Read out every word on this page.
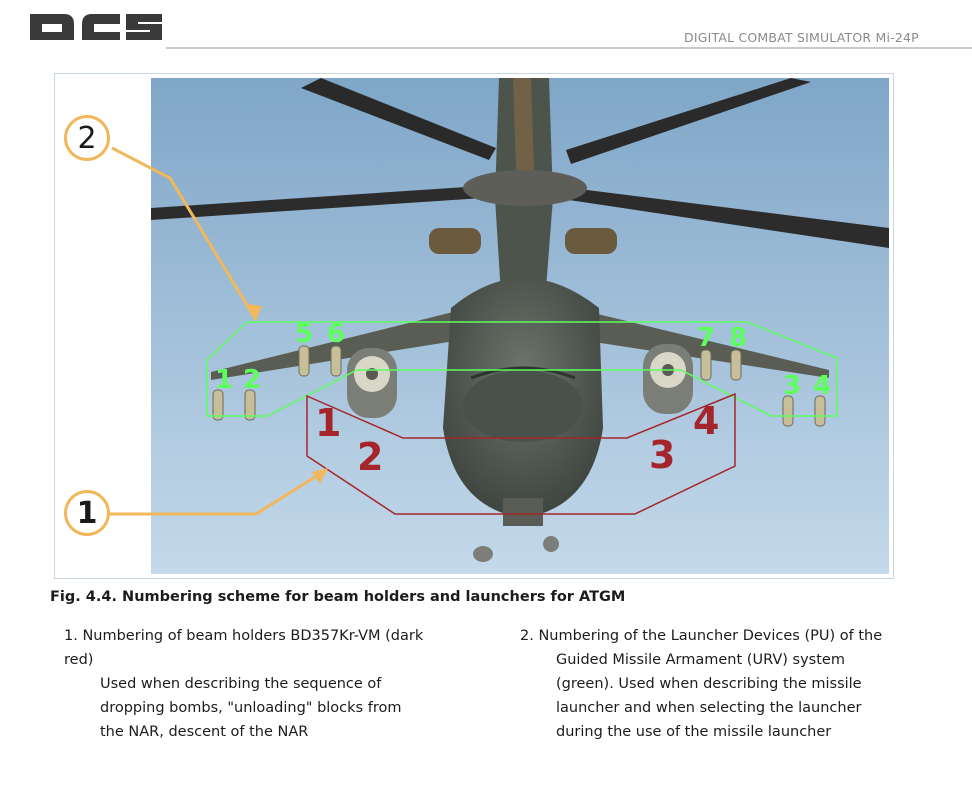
DIGITAL COMBAT SIMULATOR Mi-24P
1 2
5 6	7 8
3 4
1
2	3
4
2
1
Fig. 4.4. Numbering scheme for beam holders and launchers for ATGM
1. Numbering of beam holders BD357Kr-VM (dark
red)
Used when describing the sequence of
dropping bombs, "unloading" blocks from
the NAR, descent of the NAR
2. Numbering of the Launcher Devices (PU) of the
Guided Missile Armament (URV) system
(green). Used when describing the missile
launcher and when selecting the launcher
during the use of the missile launcher
